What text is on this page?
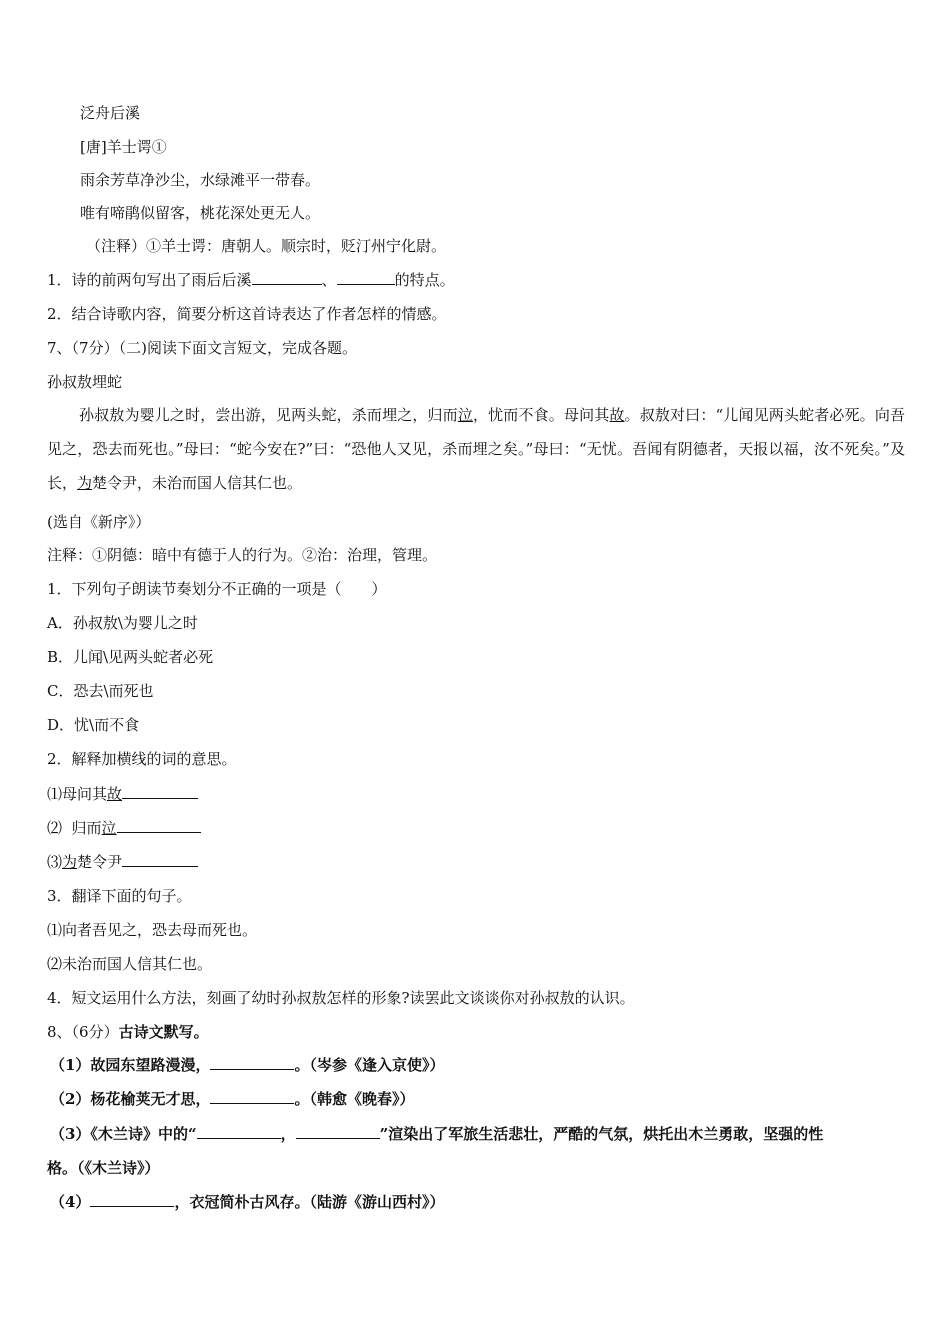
泛舟后溪
[唐]羊士谔①
雨余芳草净沙尘，水绿滩平一带春。
唯有啼鹃似留客，桃花深处更无人。
（注释）①羊士谔：唐朝人。顺宗时，贬汀州宁化尉。
1．诗的前两句写出了雨后后溪	、	的特点。
2．结合诗歌内容，简要分析这首诗表达了作者怎样的情感。
7、（7分）（二)阅读下面文言短文，完成各题。
孙叔敖埋蛇
孙叔敖为婴儿之时，尝出游，见两头蛇，杀而埋之，归而泣，忧而不食。母问其故。叔敖对曰：“儿闻见两头蛇者必死。向吾见之，恐去而死也。”母曰：“蛇今安在?”曰：“恐他人又见，杀而埋之矣。”母曰：“无忧。吾闻有阴德者，天报以福，汝不死矣。”及长，为楚令尹，未治而国人信其仁也。
(选自《新序》）
注释：①阴德：暗中有德于人的行为。②治：治理，管理。
1．下列句子朗读节奏划分不正确的一项是（　　）
A．孙叔敖\为婴儿之时
B．儿闻\见两头蛇者必死
C．恐去\而死也
D．忧\而不食
2．解释加横线的词的意思。
⑴母问其故
⑵  归而泣
⑶为楚令尹
3．翻译下面的句子。
⑴向者吾见之，恐去母而死也。
⑵未治而国人信其仁也。
4．短文运用什么方法，刻画了幼时孙叔敖怎样的形象?读罢此文谈谈你对孙叔敖的认识。
8、（6分）古诗文默写。
（1）故园东望路漫漫，	。（岑参《逢入京使》）
（2）杨花榆荚无才思，	。（韩愈《晚春》）
（3）《木兰诗》中的“	，	”渲染出了军旅生活悲壮，严酷的气氛，烘托出木兰勇敢，坚强的性
格。（《木兰诗》）
（4）	，衣冠简朴古风存。（陆游《游山西村》）
